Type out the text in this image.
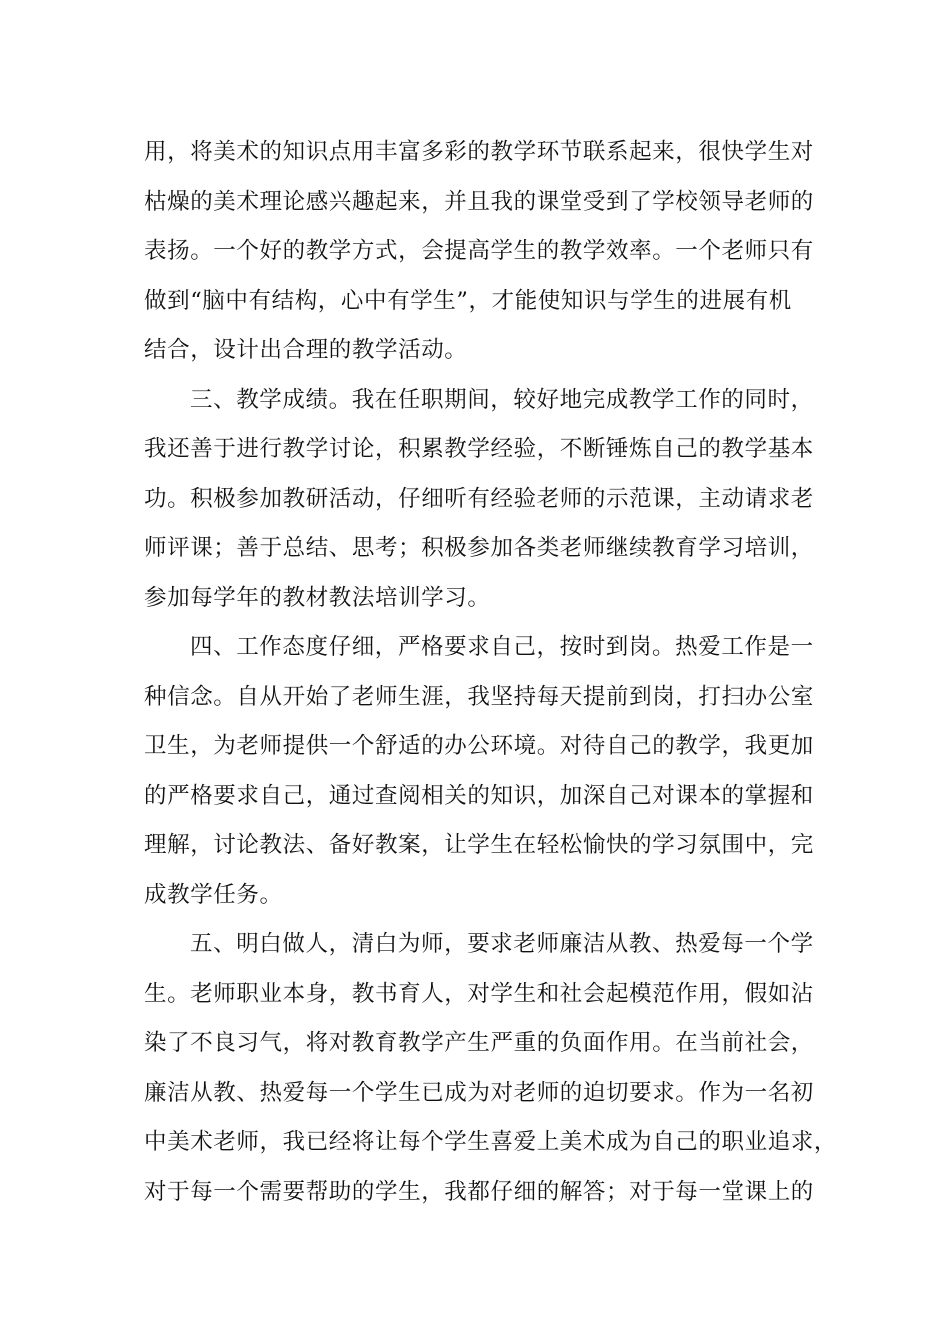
用，将美术的知识点用丰富多彩的教学环节联系起来，很快学生对
枯燥的美术理论感兴趣起来，并且我的课堂受到了学校领导老师的
表扬。一个好的教学方式，会提高学生的教学效率。一个老师只有
做到“脑中有结构，心中有学生”，才能使知识与学生的进展有机
结合，设计出合理的教学活动。
三、教学成绩。我在任职期间，较好地完成教学工作的同时，
我还善于进行教学讨论，积累教学经验，不断锤炼自己的教学基本
功。积极参加教研活动，仔细听有经验老师的示范课，主动请求老
师评课；善于总结、思考；积极参加各类老师继续教育学习培训，
参加每学年的教材教法培训学习。
四、工作态度仔细，严格要求自己，按时到岗。热爱工作是一
种信念。自从开始了老师生涯，我坚持每天提前到岗，打扫办公室
卫生，为老师提供一个舒适的办公环境。对待自己的教学，我更加
的严格要求自己，通过查阅相关的知识，加深自己对课本的掌握和
理解，讨论教法、备好教案，让学生在轻松愉快的学习氛围中，完
成教学任务。
五、明白做人，清白为师，要求老师廉洁从教、热爱每一个学
生。老师职业本身，教书育人，对学生和社会起模范作用，假如沾
染了不良习气，将对教育教学产生严重的负面作用。在当前社会，
廉洁从教、热爱每一个学生已成为对老师的迫切要求。作为一名初
中美术老师，我已经将让每个学生喜爱上美术成为自己的职业追求，
对于每一个需要帮助的学生，我都仔细的解答；对于每一堂课上的
